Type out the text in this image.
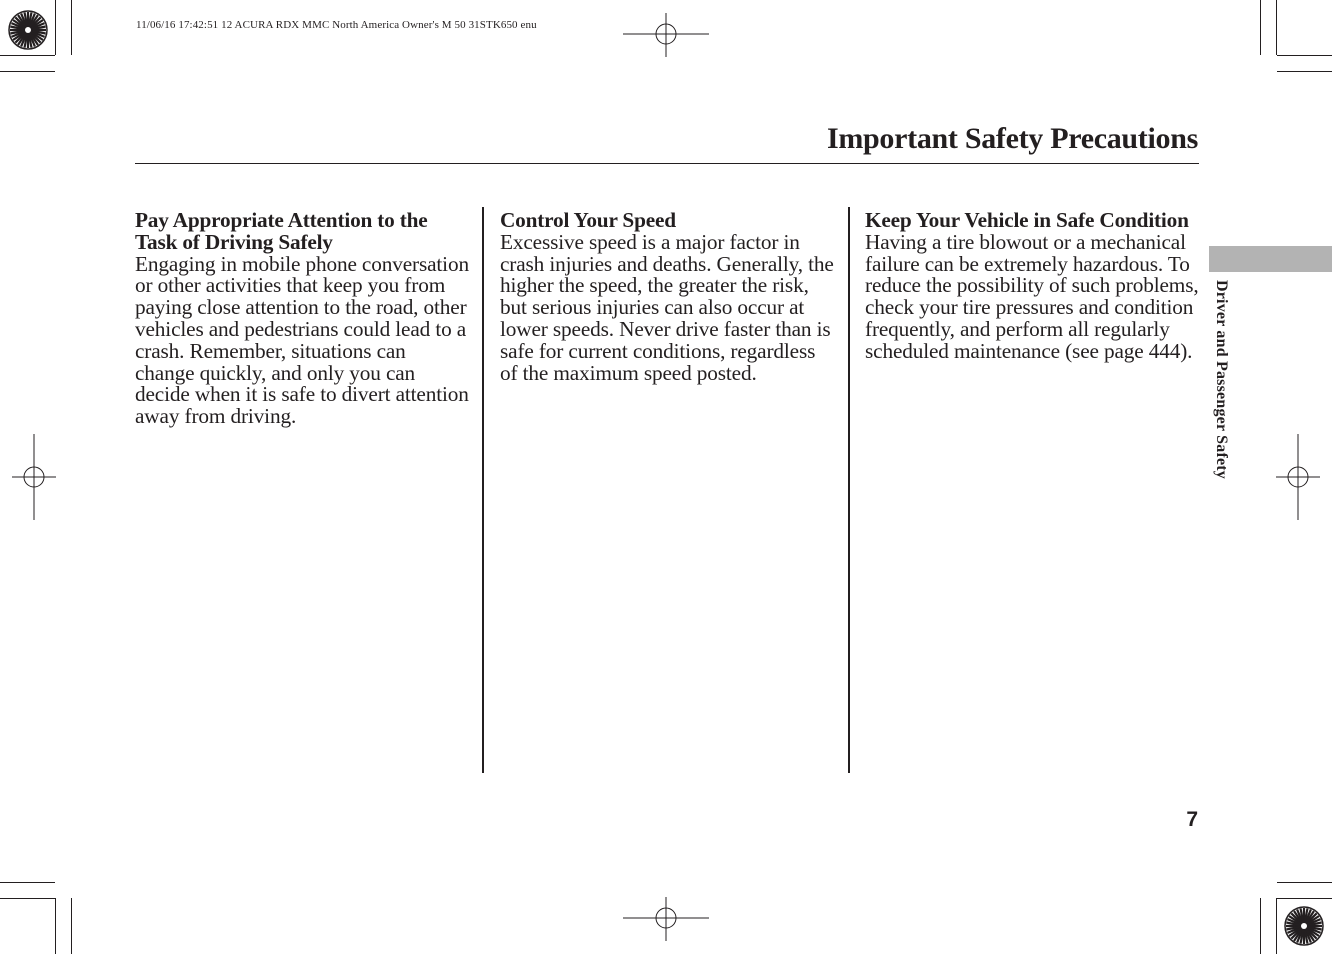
11/06/16 17:42:51 12 ACURA RDX MMC North America Owner's M 50 31STK650 enu
Important Safety Precautions
Pay Appropriate Attention to the Task of Driving Safely

Engaging in mobile phone conversation or other activities that keep you from paying close attention to the road, other vehicles and pedestrians could lead to a crash. Remember, situations can change quickly, and only you can decide when it is safe to divert attention away from driving.

Control Your Speed

Excessive speed is a major factor in crash injuries and deaths. Generally, the higher the speed, the greater the risk, but serious injuries can also occur at lower speeds. Never drive faster than is safe for current conditions, regardless of the maximum speed posted.

Keep Your Vehicle in Safe Condition

Having a tire blowout or a mechanical failure can be extremely hazardous. To reduce the possibility of such problems, check your tire pressures and condition frequently, and perform all regularly scheduled maintenance (see page 444).	Driver and Passenger Safety
7
